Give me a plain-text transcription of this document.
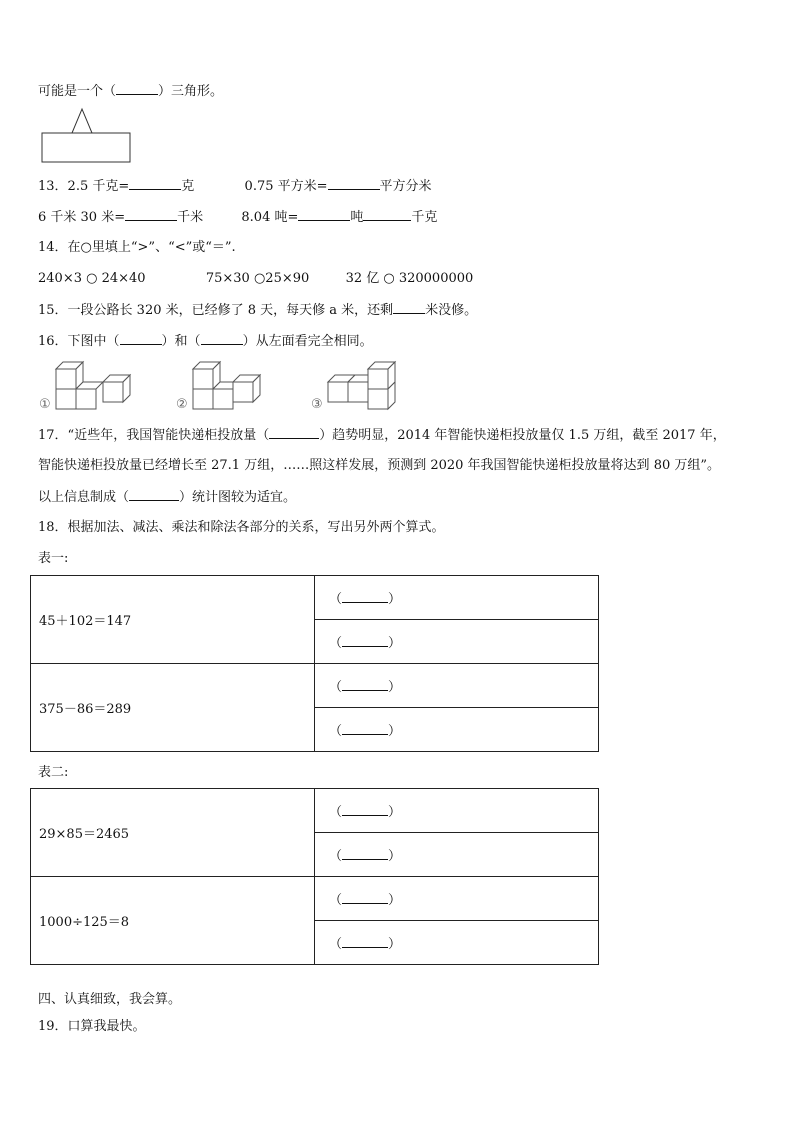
可能是一个（	）三角形。
13．2.5 千克=	克	0.75 平方米=	平方分米
6 千米 30 米=	千米	8.04 吨=	吨	千克
14．在○里填上“>”、“<”或“＝”.
240×3 ○ 24×40	75×30 ○25×90	32 亿 ○ 320000000
15．一段公路长 320 米，已经修了 8 天，每天修 a 米，还剩 米没修。
16．下图中（	）和（	）从左面看完全相同。
①	②	③
17．“近些年，我国智能快递柜投放量（	）趋势明显，2014 年智能快递柜投放量仅 1.5 万组，截至 2017 年，
智能快递柜投放量已经增长至 27.1 万组，……照这样发展，预测到 2020 年我国智能快递柜投放量将达到 80 万组”。
以上信息制成（	）统计图较为适宜。
18．根据加法、减法、乘法和除法各部分的关系，写出另外两个算式。
表一:
45＋102＝147	（ ）
	（ ）
375－86＝289	（ ）
	（ ）
表二:
29×85＝2465	（ ）
	（ ）
1000÷125＝8	（ ）
	（ ）
四、认真细致，我会算。
19．口算我最快。
